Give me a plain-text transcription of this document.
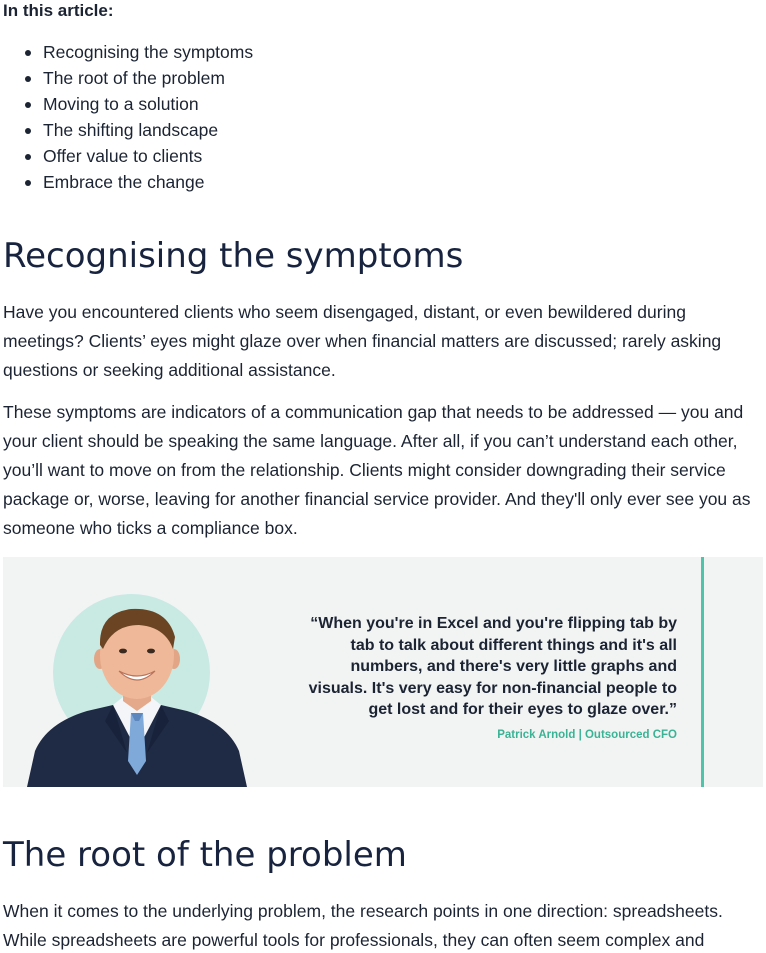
In this article:
Recognising the symptoms
The root of the problem
Moving to a solution
The shifting landscape
Offer value to clients
Embrace the change
Recognising the symptoms

Have you encountered clients who seem disengaged, distant, or even bewildered during meetings? Clients’ eyes might glaze over when financial matters are discussed; rarely asking questions or seeking additional assistance.

These symptoms are indicators of a communication gap that needs to be addressed — you and your client should be speaking the same language. After all, if you can’t understand each other, you’ll want to move on from the relationship. Clients might consider downgrading their service package or, worse, leaving for another financial service provider. And they'll only ever see you as someone who ticks a compliance box.

“When you're in Excel and you're flipping tab by tab to talk about different things and it's all numbers, and there's very little graphs and visuals. It's very easy for non-financial people to get lost and for their eyes to glaze over.”
Patrick Arnold | Outsourced CFO
The root of the problem

When it comes to the underlying problem, the research points in one direction: spreadsheets. While spreadsheets are powerful tools for professionals, they can often seem complex and
